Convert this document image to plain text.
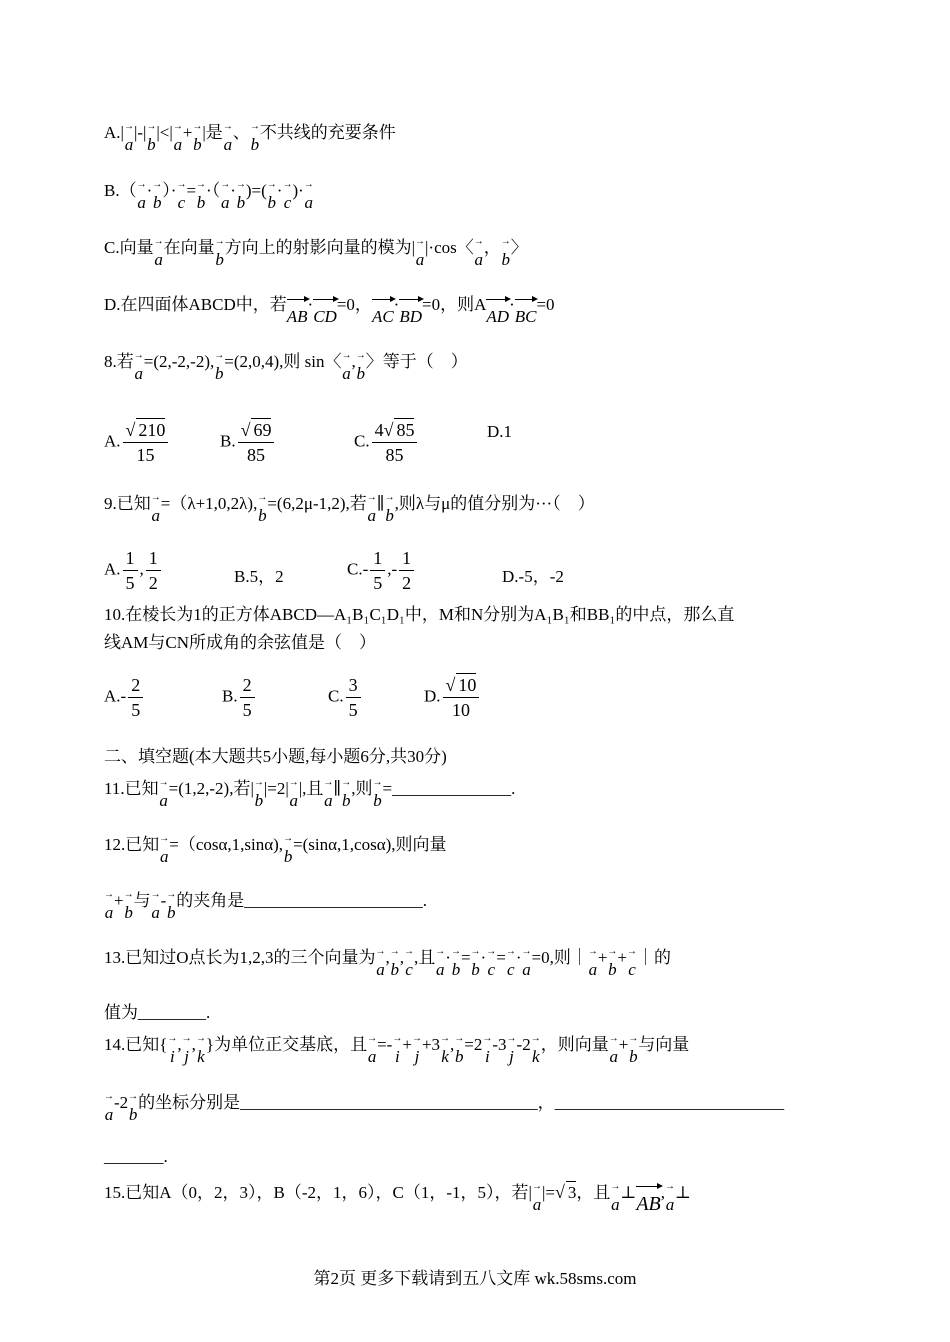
A.|→ a|-|→ b|<|→ a+→ b|是→ a、→ b不共线的充要条件
B.（→ a·→ b）·→ c=→ b·（→ a·→ b)=(→ b·→ c)·→ a
C.向量→ a在向量→ b方向上的射影向量的模为|→ a|·cos〈→ a，→ b〉
D.在四面体ABCD中，若AB·CD=0，AC·BD=0，则AAD·BC=0
8.若→ a=(2,-2,-2),→ b=(2,0,4),则 sin〈→ a,→ b〉等于（　）
A. $\frac{√ 210}{15}$	B. $\frac{√ 69}{85}$	C. $\frac{4√ 85}{85}$	D.1
9.已知→ a=（λ+1,0,2λ),→ b=(6,2μ-1,2),若→ a∥→ b,则λ与μ的值分别为···（　）
A. $\frac{1}{5}$ , $\frac{1}{2}$	B.5，2	$C.- \frac{1}{5}$ ,- $\frac{1}{2}$	D.-5，-2
10.在棱长为1的正方体ABCD—A₁B₁C₁D₁中，M和N分别为A₁B₁和BB₁的中点，那么直
线AM与CN所成角的余弦值是（　）
$A.- \frac{2}{5}$	B. $\frac{2}{5}$	C. $\frac{3}{5}$	D. $\frac{√ 10}{10}$
二、填空题(本大题共5小题,每小题6分,共30分)
11.已知→ a=(1,2,-2),若|→ b|=2|→ a|,且→ a∥→ b,则→ b=______________.
12.已知→ a=（cosα,1,sinα),→ b=(sinα,1,cosα),则向量
→ a+→ b与→ a-→ b的夹角是_____________________.
13.已知过O点长为1,2,3的三个向量为→ a,→ b,→ c,且→ a·→ b=→ b·→ c=→ c·→ a=0,则｜→ a+→ b+→ c｜的
值为________.
14.已知{→ i,→ j,→ k}为单位正交基底，且→ a=-→ i+→ j+3→ k,→ b=2→ i-3→ j-2→ k，则向量→ a+→ b与向量
→ a-2→ b的坐标分别是___________________________________，___________________________
_______.
15.已知A（0，2，3），B（-2，1，6），C（1，-1，5），若|→ a|=√ 3，且→ a⊥AB,→ a⊥
第2页 更多下载请到五八文库 wk.58sms.com
